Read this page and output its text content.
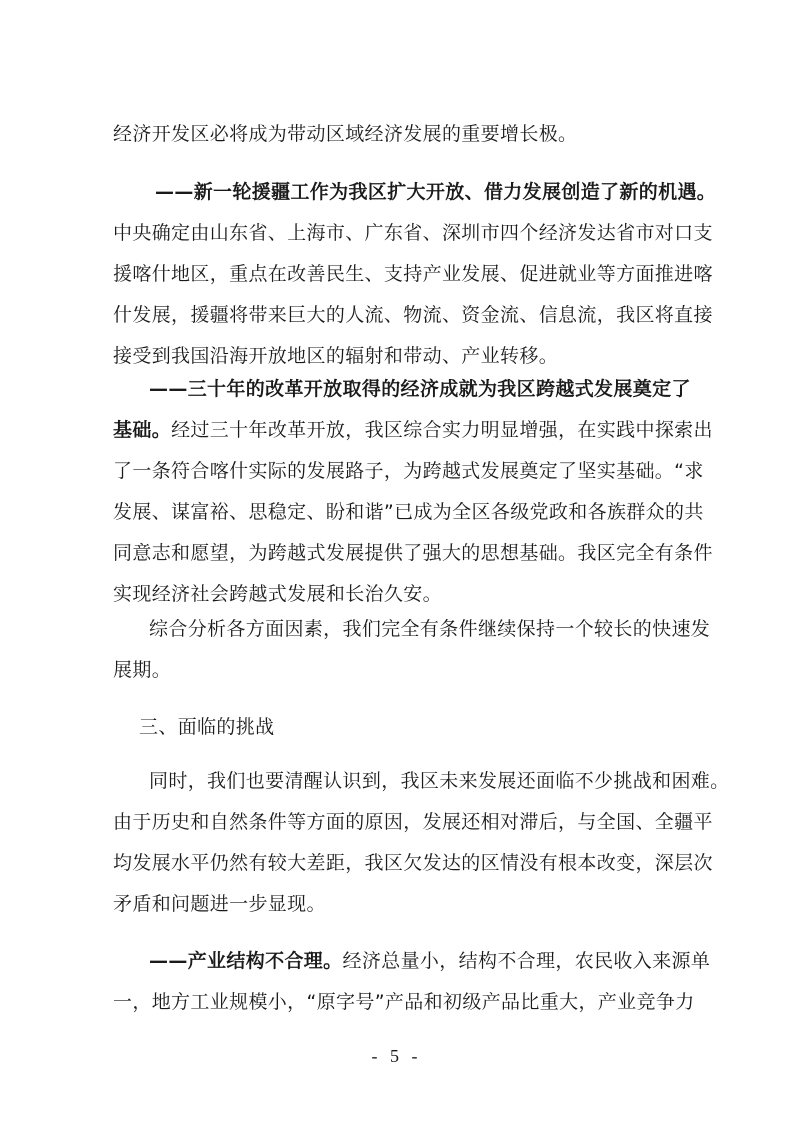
经济开发区必将成为带动区域经济发展的重要增长极。
——新一轮援疆工作为我区扩大开放、借力发展创造了新的机遇。
中央确定由山东省、上海市、广东省、深圳市四个经济发达省市对口支
援喀什地区，重点在改善民生、支持产业发展、促进就业等方面推进喀
什发展，援疆将带来巨大的人流、物流、资金流、信息流，我区将直接
接受到我国沿海开放地区的辐射和带动、产业转移。
——三十年的改革开放取得的经济成就为我区跨越式发展奠定了
基础。经过三十年改革开放，我区综合实力明显增强，在实践中探索出
了一条符合喀什实际的发展路子，为跨越式发展奠定了坚实基础。“求
发展、谋富裕、思稳定、盼和谐”已成为全区各级党政和各族群众的共
同意志和愿望，为跨越式发展提供了强大的思想基础。我区完全有条件
实现经济社会跨越式发展和长治久安。
综合分析各方面因素，我们完全有条件继续保持一个较长的快速发
展期。
三、面临的挑战
同时，我们也要清醒认识到，我区未来发展还面临不少挑战和困难。
由于历史和自然条件等方面的原因，发展还相对滞后，与全国、全疆平
均发展水平仍然有较大差距，我区欠发达的区情没有根本改变，深层次
矛盾和问题进一步显现。
——产业结构不合理。经济总量小，结构不合理，农民收入来源单
一，地方工业规模小，“原字号”产品和初级产品比重大，产业竞争力
- 5 -
